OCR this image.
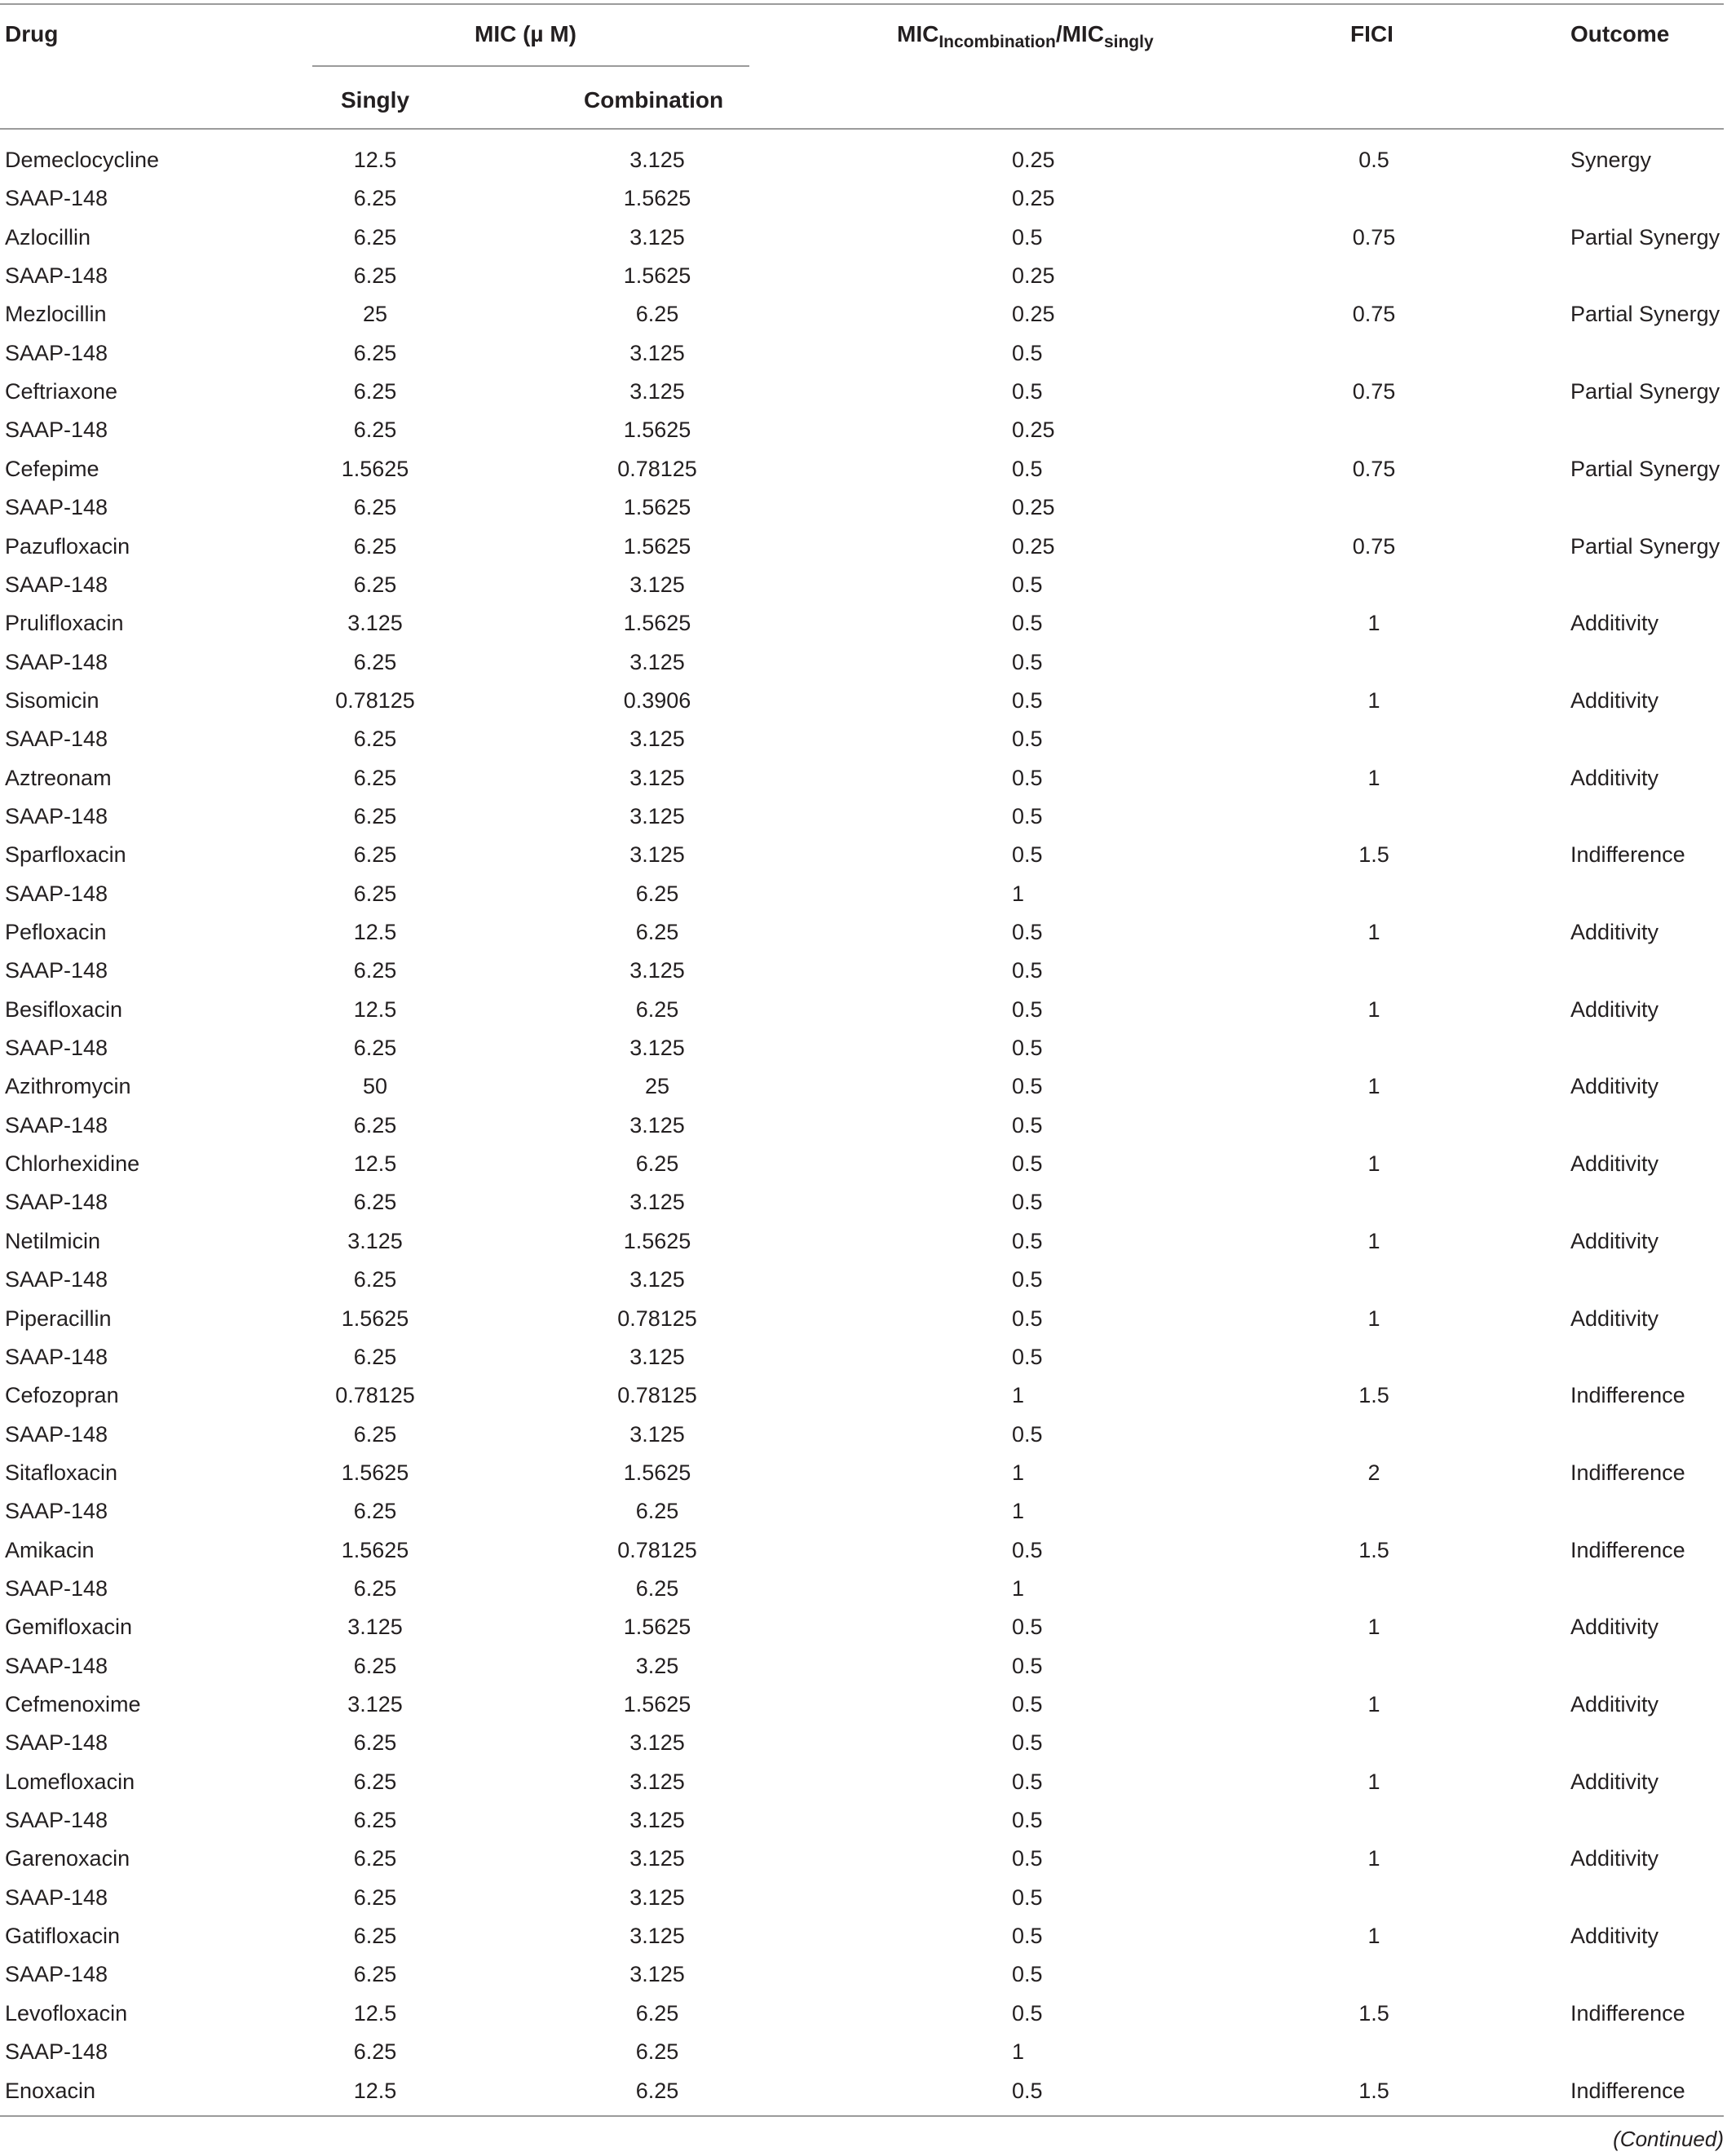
Drug	MIC (µ M)
Singly	Combination
$MIC_{Incombination}/MIC_{singly}$	FICI	Outcome
Demeclocycline	12.5	3.125	0.25	0.5	Synergy
SAAP-148	6.25	1.5625	0.25
Azlocillin	6.25	3.125	0.5	0.75	Partial Synergy
SAAP-148	6.25	1.5625	0.25
Mezlocillin	25	6.25	0.25	0.75	Partial Synergy
SAAP-148	6.25	3.125	0.5
Ceftriaxone	6.25	3.125	0.5	0.75	Partial Synergy
SAAP-148	6.25	1.5625	0.25
Cefepime	1.5625	0.78125	0.5	0.75	Partial Synergy
SAAP-148	6.25	1.5625	0.25
Pazufloxacin	6.25	1.5625	0.25	0.75	Partial Synergy
SAAP-148	6.25	3.125	0.5
Prulifloxacin	3.125	1.5625	0.5	1	Additivity
SAAP-148	6.25	3.125	0.5
Sisomicin	0.78125	0.3906	0.5	1	Additivity
SAAP-148	6.25	3.125	0.5
Aztreonam	6.25	3.125	0.5	1	Additivity
SAAP-148	6.25	3.125	0.5
Sparfloxacin	6.25	3.125	0.5	1.5	Indifference
SAAP-148	6.25	6.25	1
Pefloxacin	12.5	6.25	0.5	1	Additivity
SAAP-148	6.25	3.125	0.5
Besifloxacin	12.5	6.25	0.5	1	Additivity
SAAP-148	6.25	3.125	0.5
Azithromycin	50	25	0.5	1	Additivity
SAAP-148	6.25	3.125	0.5
Chlorhexidine	12.5	6.25	0.5	1	Additivity
SAAP-148	6.25	3.125	0.5
Netilmicin	3.125	1.5625	0.5	1	Additivity
SAAP-148	6.25	3.125	0.5
Piperacillin	1.5625	0.78125	0.5	1	Additivity
SAAP-148	6.25	3.125	0.5
Cefozopran	0.78125	0.78125	1	1.5	Indifference
SAAP-148	6.25	3.125	0.5
Sitafloxacin	1.5625	1.5625	1	2	Indifference
SAAP-148	6.25	6.25	1
Amikacin	1.5625	0.78125	0.5	1.5	Indifference
SAAP-148	6.25	6.25	1
Gemifloxacin	3.125	1.5625	0.5	1	Additivity
SAAP-148	6.25	3.25	0.5
Cefmenoxime	3.125	1.5625	0.5	1	Additivity
SAAP-148	6.25	3.125	0.5
Lomefloxacin	6.25	3.125	0.5	1	Additivity
SAAP-148	6.25	3.125	0.5
Garenoxacin	6.25	3.125	0.5	1	Additivity
SAAP-148	6.25	3.125	0.5
Gatifloxacin	6.25	3.125	0.5	1	Additivity
SAAP-148	6.25	3.125	0.5
Levofloxacin	12.5	6.25	0.5	1.5	Indifference
SAAP-148	6.25	6.25	1
Enoxacin	12.5	6.25	0.5	1.5	Indifference
(Continued)
